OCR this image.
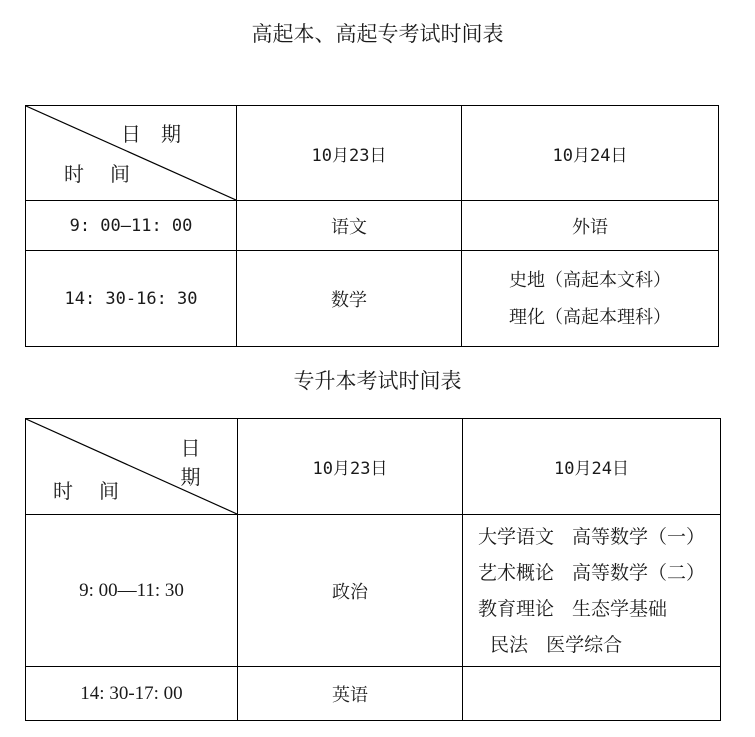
高起本、高起专考试时间表
日期
时间	10月23日	10月24日
9: 00—11: 00	语文	外语
14: 30-16: 30	数学	史地（高起本文科）
理化（高起本理科）
专升本考试时间表
日期
时间	10月23日	10月24日
9: 00—11: 30	政治	大学语文   高等数学（一）
艺术概论   高等数学（二）
教育理论   生态学基础
民法   医学综合

14: 30-17: 00	英语	
